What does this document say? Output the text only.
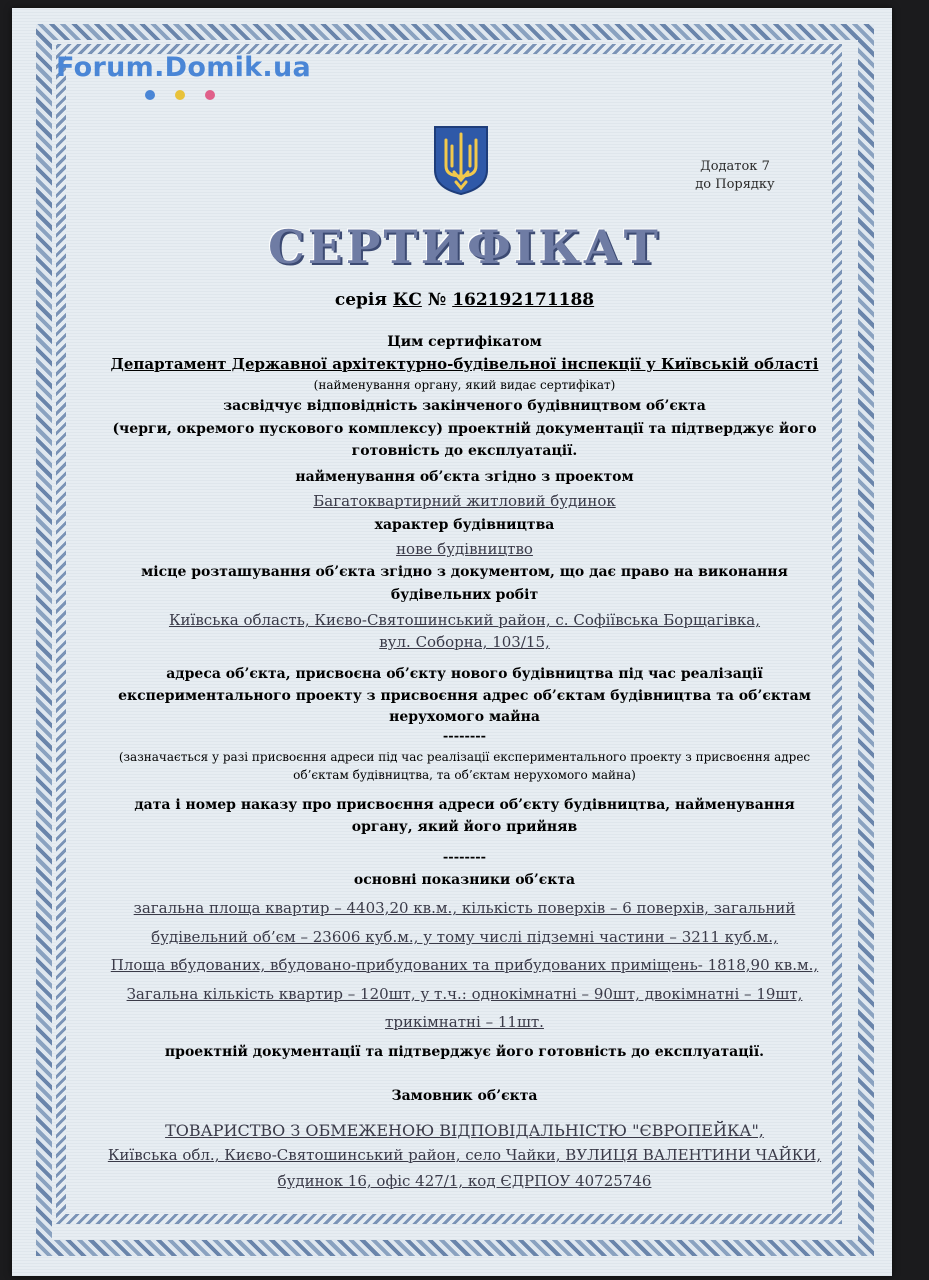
Forum.Domik.ua
Додаток 7
до Порядку
СЕРТИФІКАТ
серія КС № 162192171188
Цим сертифікатом
Департамент Державної архітектурно-будівельної інспекції у Київській області
(найменування органу, який видає сертифікат)
засвідчує відповідність закінченого будівництвом об’єкта
(черги, окремого пускового комплексу) проектній документації та підтверджує його
готовність до експлуатації.
найменування об’єкта згідно з проектом
Багатоквартирний житловий будинок
характер будівництва
нове будівництво
місце розташування об’єкта згідно з документом, що дає право на виконання
будівельних робіт
Київська область, Києво-Святошинський район, с. Софіївська Борщагівка,
вул. Соборна, 103/15,
адреса об’єкта, присвоєна об’єкту нового будівництва під час реалізації
експериментального проекту з присвоєння адрес об’єктам будівництва та об’єктам
нерухомого майна
--------
(зазначається у разі присвоєння адреси під час реалізації експериментального проекту з присвоєння адрес
об’єктам будівництва, та об’єктам нерухомого майна)
дата і номер наказу про присвоєння адреси об’єкту будівництва, найменування
органу, який його прийняв
--------
основні показники об’єкта
загальна площа квартир – 4403,20 кв.м., кількість поверхів – 6 поверхів, загальний
будівельний об’єм – 23606 куб.м., у тому числі підземні частини – 3211 куб.м.,
Площа вбудованих, вбудовано-прибудованих та прибудованих приміщень- 1818,90 кв.м.,
Загальна кількість квартир – 120шт, у т.ч.: однокімнатні – 90шт, двокімнатні – 19шт,
трикімнатні – 11шт.
проектній документації та підтверджує його готовність до експлуатації.
Замовник об’єкта
ТОВАРИСТВО З ОБМЕЖЕНОЮ ВІДПОВІДАЛЬНІСТЮ "ЄВРОПЕЙКА",
Київська обл., Києво-Святошинський район, село Чайки, ВУЛИЦЯ ВАЛЕНТИНИ ЧАЙКИ,
будинок 16, офіс 427/1, код ЄДРПОУ 40725746
